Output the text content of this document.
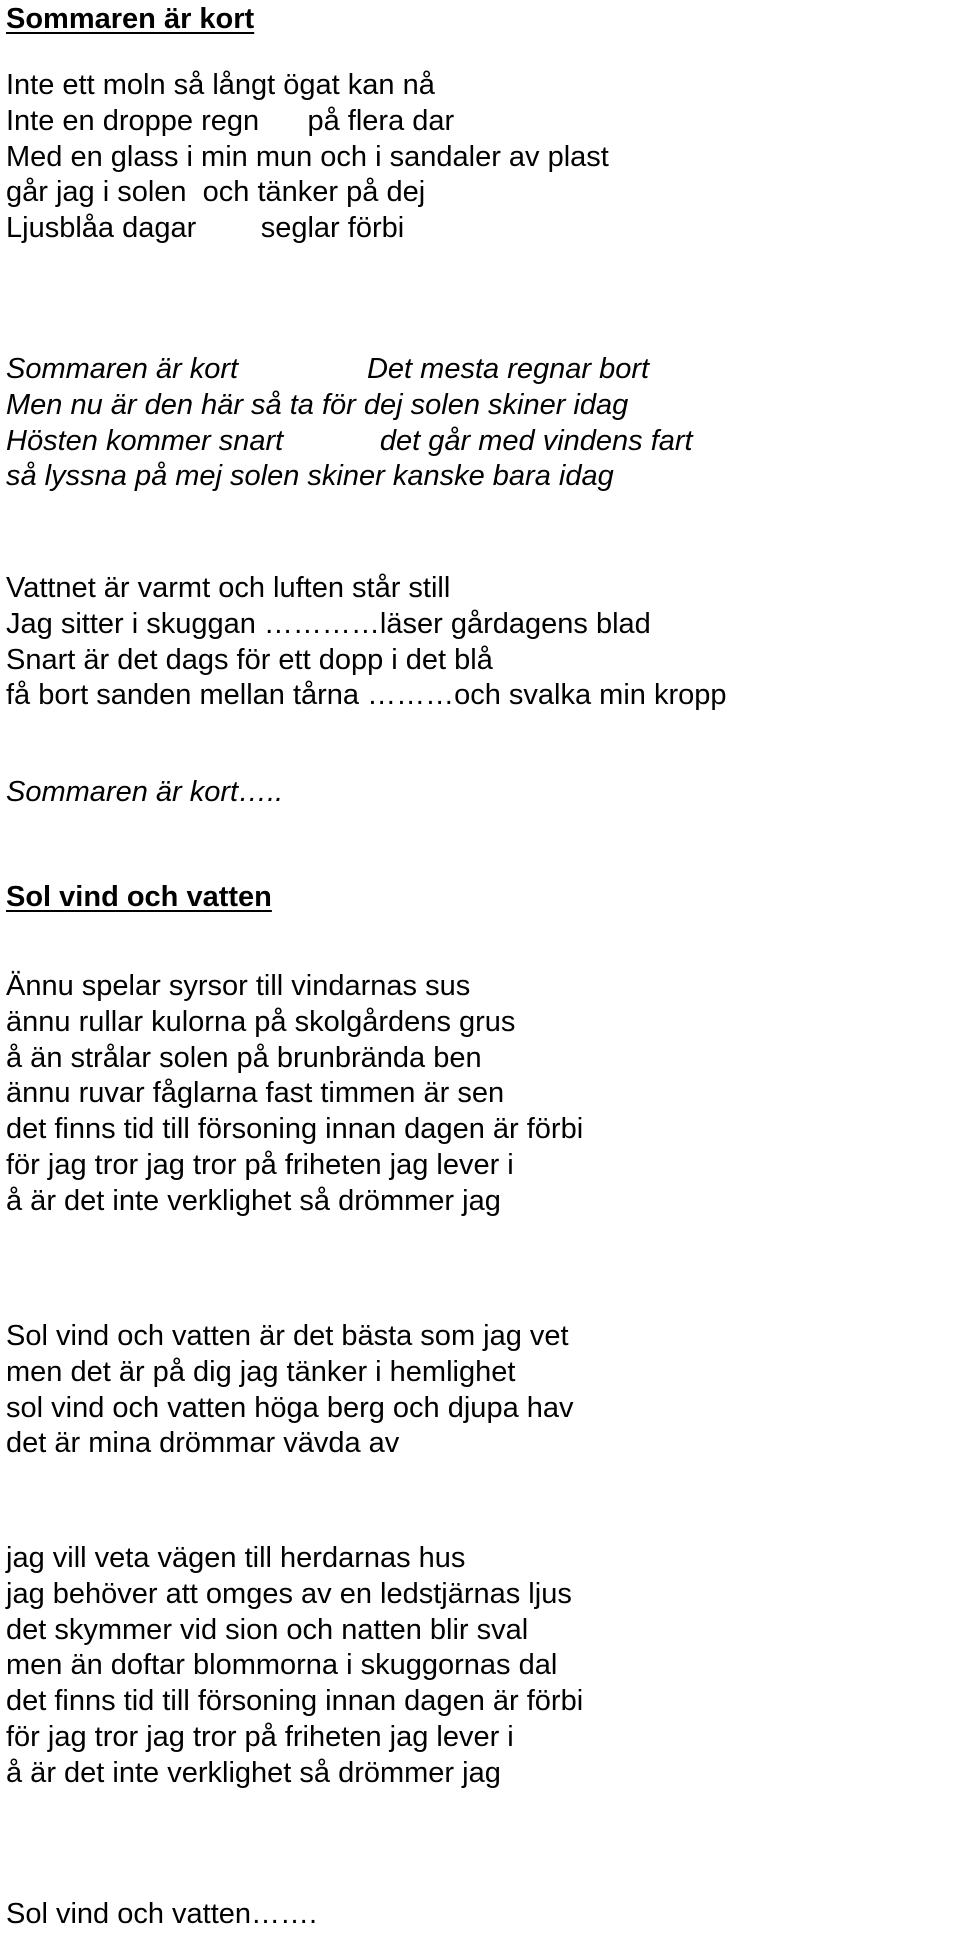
Sommaren är kort
Inte ett moln så långt ögat kan nå
Inte en droppe regn      på flera dar
Med en glass i min mun och i sandaler av plast
går jag i solen  och tänker på dej
Ljusblåa dagar        seglar förbi
Sommaren är kort                Det mesta regnar bort
Men nu är den här så ta för dej solen skiner idag
Hösten kommer snart            det går med vindens fart
så lyssna på mej solen skiner kanske bara idag
Vattnet är varmt och luften står still
Jag sitter i skuggan …………läser gårdagens blad
Snart är det dags för ett dopp i det blå
få bort sanden mellan tårna ………och svalka min kropp

Sommaren är kort…..

Sol vind och vatten
Ännu spelar syrsor till vindarnas sus
ännu rullar kulorna på skolgårdens grus
å än strålar solen på brunbrända ben
ännu ruvar fåglarna fast timmen är sen
det finns tid till försoning innan dagen är förbi
för jag tror jag tror på friheten jag lever i
å är det inte verklighet så drömmer jag
Sol vind och vatten är det bästa som jag vet
men det är på dig jag tänker i hemlighet
sol vind och vatten höga berg och djupa hav
det är mina drömmar vävda av
jag vill veta vägen till herdarnas hus
jag behöver att omges av en ledstjärnas ljus
det skymmer vid sion och natten blir sval
men än doftar blommorna i skuggornas dal
det finns tid till försoning innan dagen är förbi
för jag tror jag tror på friheten jag lever i
å är det inte verklighet så drömmer jag

Sol vind och vatten…….
